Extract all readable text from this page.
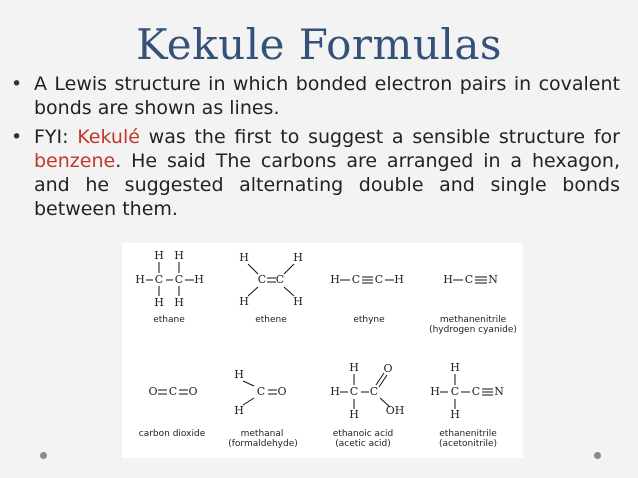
Kekule Formulas
• A Lewis structure in which bonded electron pairs in covalent bonds are shown as lines.
• FYI: Kekulé was the first to suggest a sensible structure for benzene. He said The carbons are arranged in a hexagon, and he suggested alternating double and single bonds between them.
H C C H
H H
H H
H	H
C C
H	H
H C C H	H C N
O C O
H
C O
H
H C C
H
H
O
OH
H C C N
H
H
ethane	ethene	ethyne	methanenitrile
(hydrogen cyanide)
carbon dioxide	methanal
(formaldehyde)
ethanoic acid
(acetic acid)
ethanenitrile
(acetonitrile)
